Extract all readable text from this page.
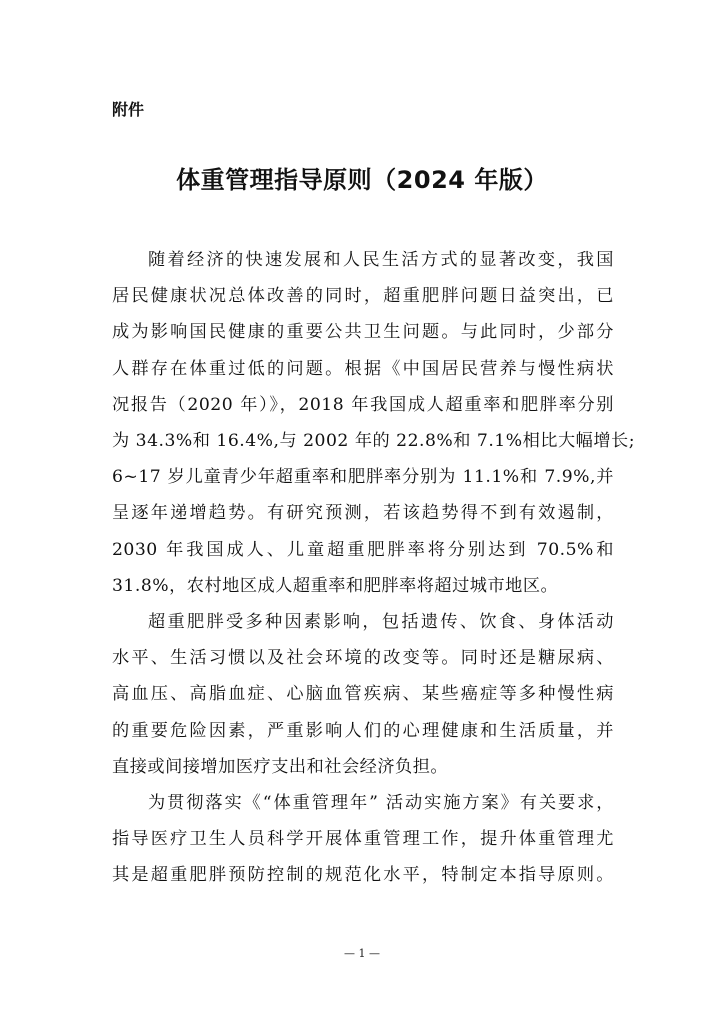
附件
体重管理指导原则（2024 年版）

随着经济的快速发展和人民生活方式的显著改变，我国
居民健康状况总体改善的同时，超重肥胖问题日益突出，已
成为影响国民健康的重要公共卫生问题。与此同时，少部分
人群存在体重过低的问题。根据《中国居民营养与慢性病状
况报告（2020 年）》，2018 年我国成人超重率和肥胖率分别
为 34.3%和 16.4%,与 2002 年的 22.8%和 7.1%相比大幅增长;
6~17 岁儿童青少年超重率和肥胖率分别为 11.1%和 7.9%,并
呈逐年递增趋势。有研究预测，若该趋势得不到有效遏制，
2030 年我国成人、儿童超重肥胖率将分别达到 70.5%和
31.8%，农村地区成人超重率和肥胖率将超过城市地区。

超重肥胖受多种因素影响，包括遗传、饮食、身体活动
水平、生活习惯以及社会环境的改变等。同时还是糖尿病、
高血压、高脂血症、心脑血管疾病、某些癌症等多种慢性病
的重要危险因素，严重影响人们的心理健康和生活质量，并
直接或间接增加医疗支出和社会经济负担。

为贯彻落实《“体重管理年” 活动实施方案》有关要求，
指导医疗卫生人员科学开展体重管理工作，提升体重管理尤
其是超重肥胖预防控制的规范化水平，特制定本指导原则。

— 1 —
